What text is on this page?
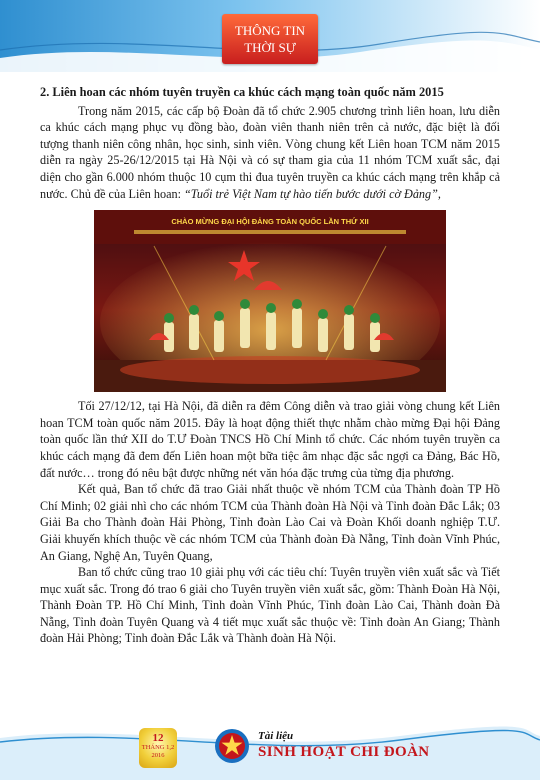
THÔNG TIN
THỜI SỰ

2. Liên hoan các nhóm tuyên truyền ca khúc cách mạng toàn quốc năm 2015

Trong năm 2015, các cấp bộ Đoàn đã tổ chức 2.905 chương trình liên hoan, lưu diễn ca khúc cách mạng phục vụ đồng bào, đoàn viên thanh niên trên cả nước, đặc biệt là đối tượng thanh niên công nhân, học sinh, sinh viên. Vòng chung kết Liên hoan TCM năm 2015 diễn ra ngày 25-26/12/2015 tại Hà Nội và có sự tham gia của 11 nhóm TCM xuất sắc, đại diện cho gần 6.000 nhóm thuộc 10 cụm thi đua tuyên truyền ca khúc cách mạng trên khắp cả nước. Chủ đề của Liên hoan: “Tuổi trẻ Việt Nam tự hào tiến bước dưới cờ Đảng”,

CHÀO MỪNG ĐẠI HỘI ĐẢNG TOÀN QUỐC LẦN THỨ XII

Tối 27/12/12, tại Hà Nội, đã diễn ra đêm Công diễn và trao giải vòng chung kết Liên hoan TCM toàn quốc năm 2015. Đây là hoạt động thiết thực nhằm chào mừng Đại hội Đảng toàn quốc lần thứ XII do T.Ư Đoàn TNCS Hồ Chí Minh tổ chức. Các nhóm tuyên truyền ca khúc cách mạng đã đem đến Liên hoan một bữa tiệc âm nhạc đặc sắc ngợi ca Đảng, Bác Hồ, đất nước… trong đó nêu bật được những nét văn hóa đặc trưng của từng địa phương.

Kết quả, Ban tổ chức đã trao Giải nhất thuộc về nhóm TCM của Thành đoàn TP Hồ Chí Minh; 02 giải nhì cho các nhóm TCM của Thành đoàn Hà Nội và Tỉnh đoàn Đắc Lắk; 03 Giải Ba cho Thành đoàn Hải Phòng, Tỉnh đoàn Lào Cai và Đoàn Khối doanh nghiệp T.Ư. Giải khuyến khích thuộc về các nhóm TCM của Thành đoàn Đà Nẵng, Tỉnh đoàn Vĩnh Phúc, An Giang, Nghệ An, Tuyên Quang,

Ban tổ chức cũng trao 10 giải phụ với các tiêu chí: Tuyên truyền viên xuất sắc và Tiết mục xuất sắc. Trong đó trao 6 giải cho Tuyên truyền viên xuất sắc, gồm: Thành Đoàn Hà Nội, Thành Đoàn TP. Hồ Chí Minh, Tỉnh đoàn Vĩnh Phúc, Tỉnh đoàn Lào Cai, Thành đoàn Đà Nẵng, Tỉnh đoàn Tuyên Quang và 4 tiết mục xuất sắc thuộc về: Tỉnh đoàn An Giang; Thành đoàn Hải Phòng; Tỉnh đoàn Đắc Lắk và Thành đoàn Hà Nội.

12
THÁNG 1,2
2016
Tài liệu
SINH HOẠT CHI ĐOÀN
